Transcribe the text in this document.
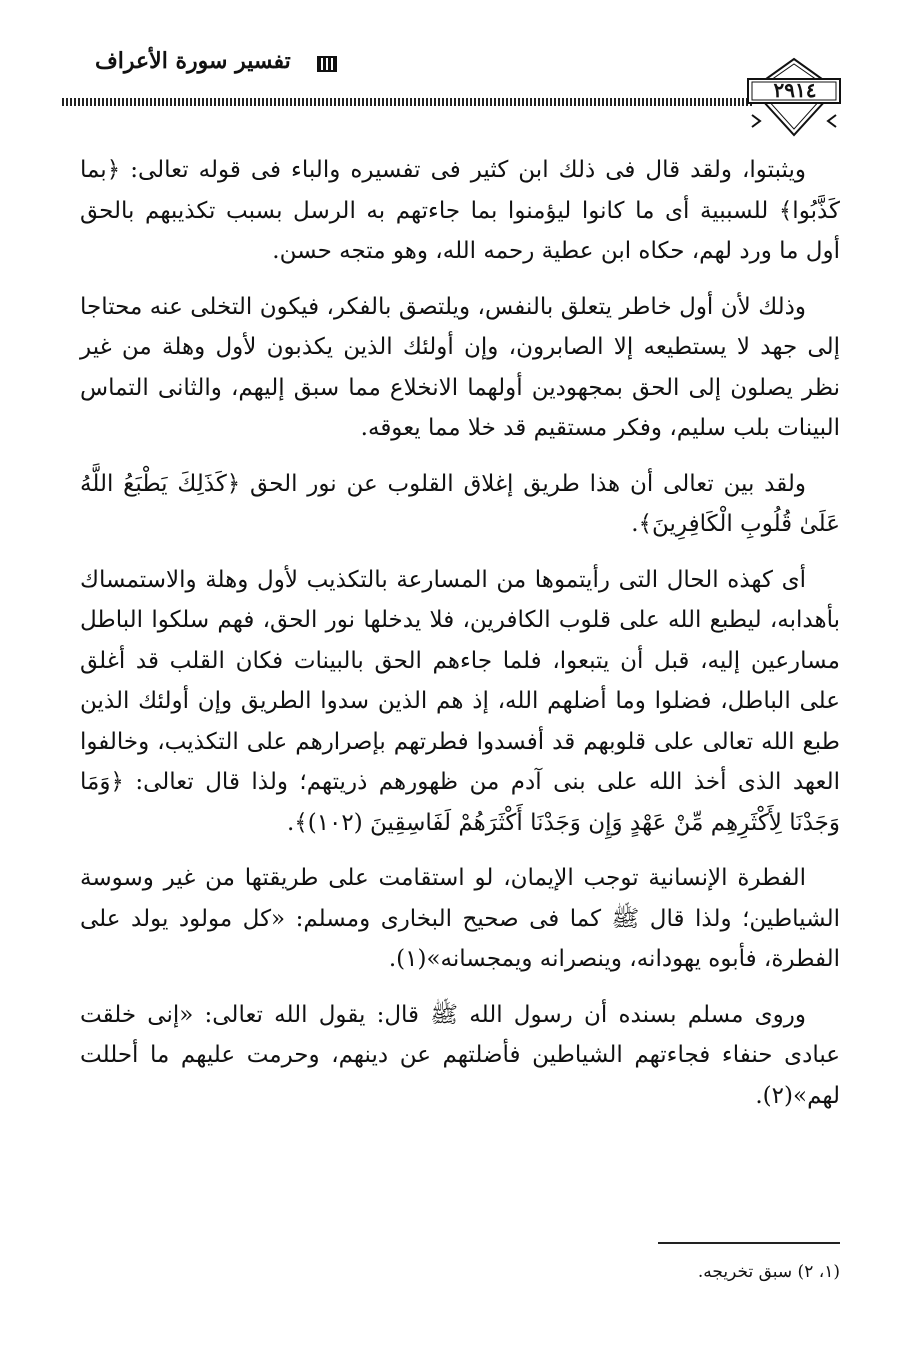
تفسير سورة الأعراف
٢٩١٤

ويثبتوا، ولقد قال فى ذلك ابن كثير فى تفسيره والباء فى قوله تعالى: ﴿بما كَذَّبُوا﴾ للسببية أى ما كانوا ليؤمنوا بما جاءتهم به الرسل بسبب تكذيبهم بالحق أول ما ورد لهم، حكاه ابن عطية رحمه الله، وهو متجه حسن.

وذلك لأن أول خاطر يتعلق بالنفس، ويلتصق بالفكر، فيكون التخلى عنه محتاجا إلى جهد لا يستطيعه إلا الصابرون، وإن أولئك الذين يكذبون لأول وهلة من غير نظر يصلون إلى الحق بمجهودين أولهما الانخلاع مما سبق إليهم، والثانى التماس البينات بلب سليم، وفكر مستقيم قد خلا مما يعوقه.

ولقد بين تعالى أن هذا طريق إغلاق القلوب عن نور الحق ﴿كَذَلِكَ يَطْبَعُ اللَّهُ عَلَىٰ قُلُوبِ الْكَافِرِينَ﴾.

أى كهذه الحال التى رأيتموها من المسارعة بالتكذيب لأول وهلة والاستمساك بأهدابه، ليطبع الله على قلوب الكافرين، فلا يدخلها نور الحق، فهم سلكوا الباطل مسارعين إليه، قبل أن يتبعوا، فلما جاءهم الحق بالبينات فكان القلب قد أغلق على الباطل، فضلوا وما أضلهم الله، إذ هم الذين سدوا الطريق وإن أولئك الذين طبع الله تعالى على قلوبهم قد أفسدوا فطرتهم بإصرارهم على التكذيب، وخالفوا العهد الذى أخذ الله على بنى آدم من ظهورهم ذريتهم؛ ولذا قال تعالى: ﴿وَمَا وَجَدْنَا لِأَكْثَرِهِم مِّنْ عَهْدٍ وَإِن وَجَدْنَا أَكْثَرَهُمْ لَفَاسِقِينَ (١٠٢)﴾.

الفطرة الإنسانية توجب الإيمان، لو استقامت على طريقتها من غير وسوسة الشياطين؛ ولذا قال ﷺ كما فى صحيح البخارى ومسلم: «كل مولود يولد على الفطرة، فأبوه يهودانه، وينصرانه ويمجسانه»(١).

وروى مسلم بسنده أن رسول الله ﷺ قال: يقول الله تعالى: «إنى خلقت عبادى حنفاء فجاءتهم الشياطين فأضلتهم عن دينهم، وحرمت عليهم ما أحللت لهم»(٢).

(١، ٢) سبق تخريجه.
